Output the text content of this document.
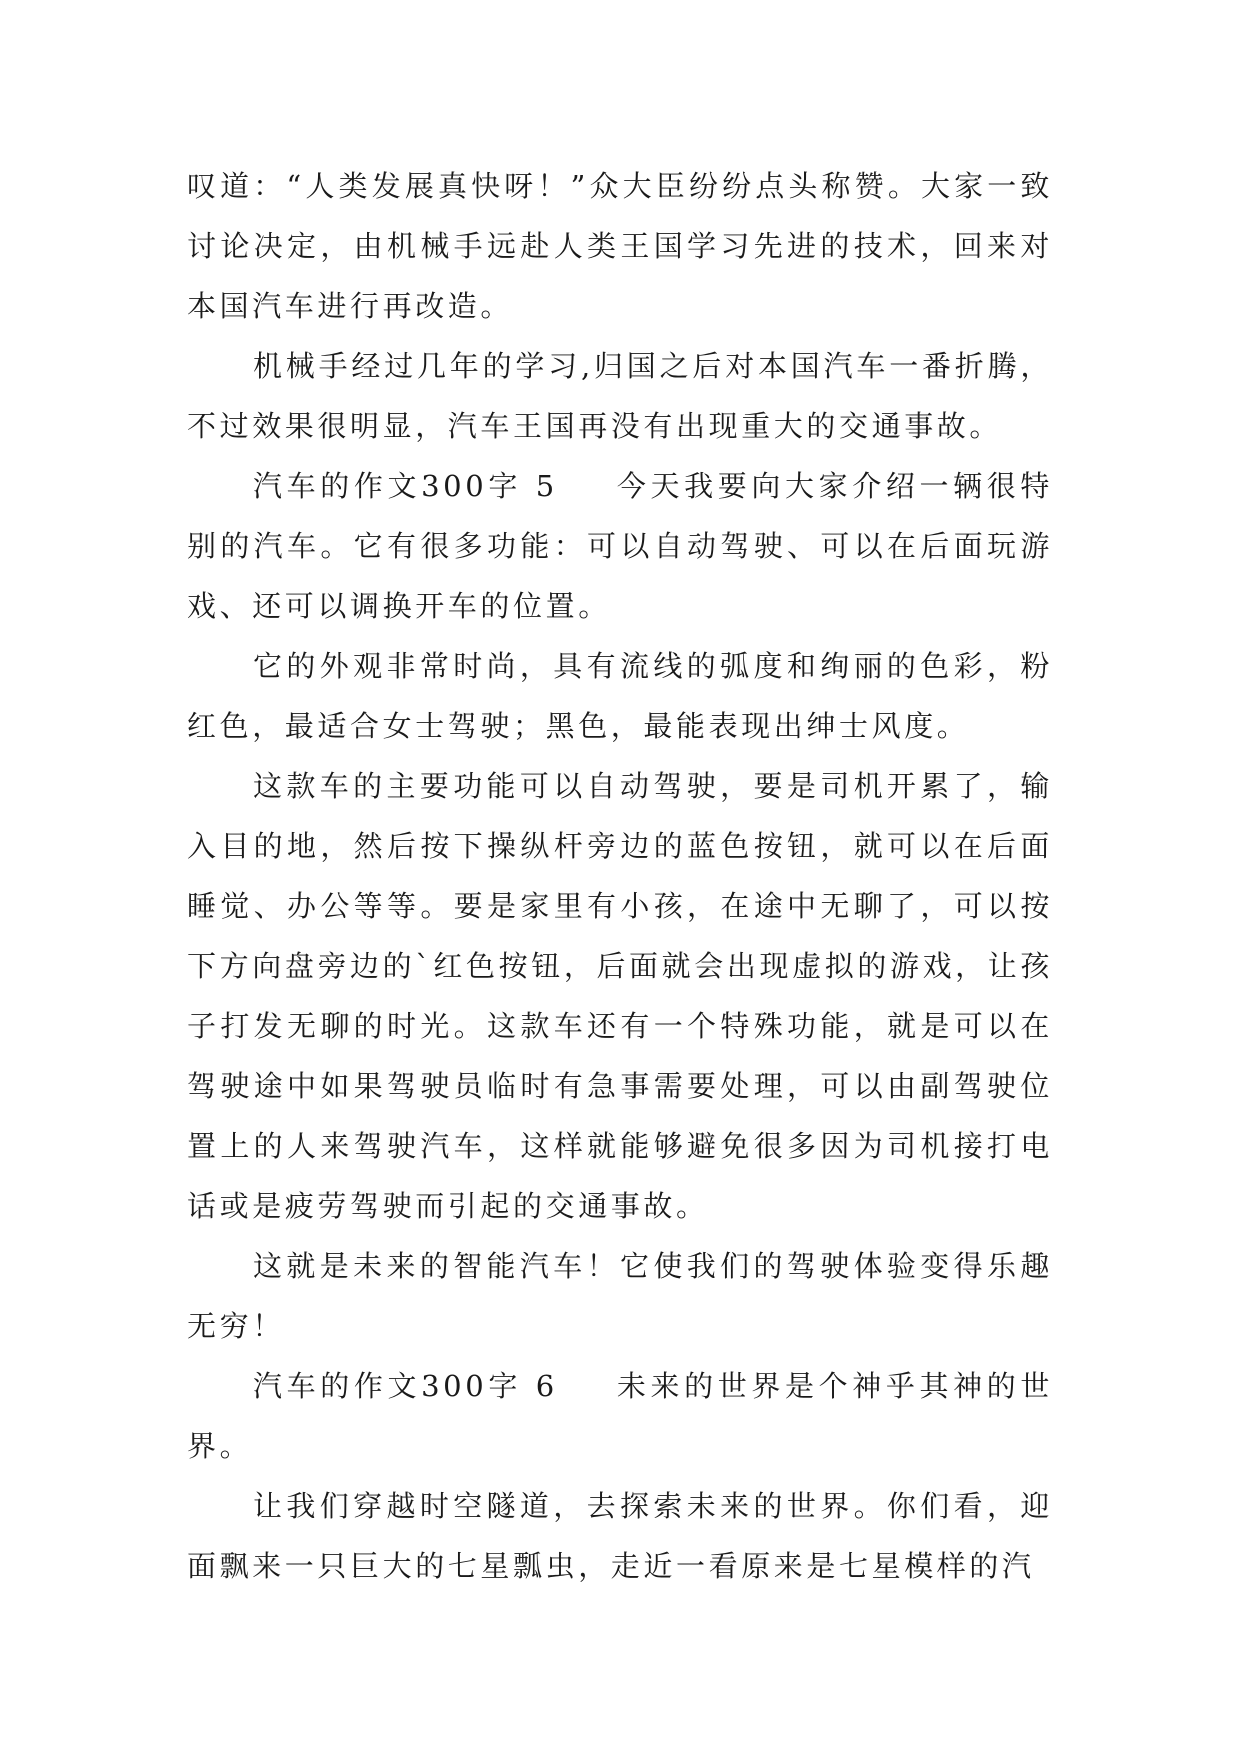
叹道：“人类发展真快呀！”众大臣纷纷点头称赞。大家一致讨论决定，由机械手远赴人类王国学习先进的技术，回来对本国汽车进行再改造。

机械手经过几年的学习,归国之后对本国汽车一番折腾，不过效果很明显，汽车王国再没有出现重大的交通事故。

汽车的作文300字 5 今天我要向大家介绍一辆很特别的汽车。它有很多功能：可以自动驾驶、可以在后面玩游戏、还可以调换开车的位置。

它的外观非常时尚，具有流线的弧度和绚丽的色彩，粉红色，最适合女士驾驶；黑色，最能表现出绅士风度。

这款车的主要功能可以自动驾驶，要是司机开累了，输入目的地，然后按下操纵杆旁边的蓝色按钮，就可以在后面睡觉、办公等等。要是家里有小孩，在途中无聊了，可以按下方向盘旁边的`红色按钮，后面就会出现虚拟的游戏，让孩子打发无聊的时光。这款车还有一个特殊功能，就是可以在驾驶途中如果驾驶员临时有急事需要处理，可以由副驾驶位置上的人来驾驶汽车，这样就能够避免很多因为司机接打电话或是疲劳驾驶而引起的交通事故。

这就是未来的智能汽车！它使我们的驾驶体验变得乐趣无穷！

汽车的作文300字 6 未来的世界是个神乎其神的世界。

让我们穿越时空隧道，去探索未来的世界。你们看，迎面飘来一只巨大的七星瓢虫，走近一看原来是七星模样的汽
